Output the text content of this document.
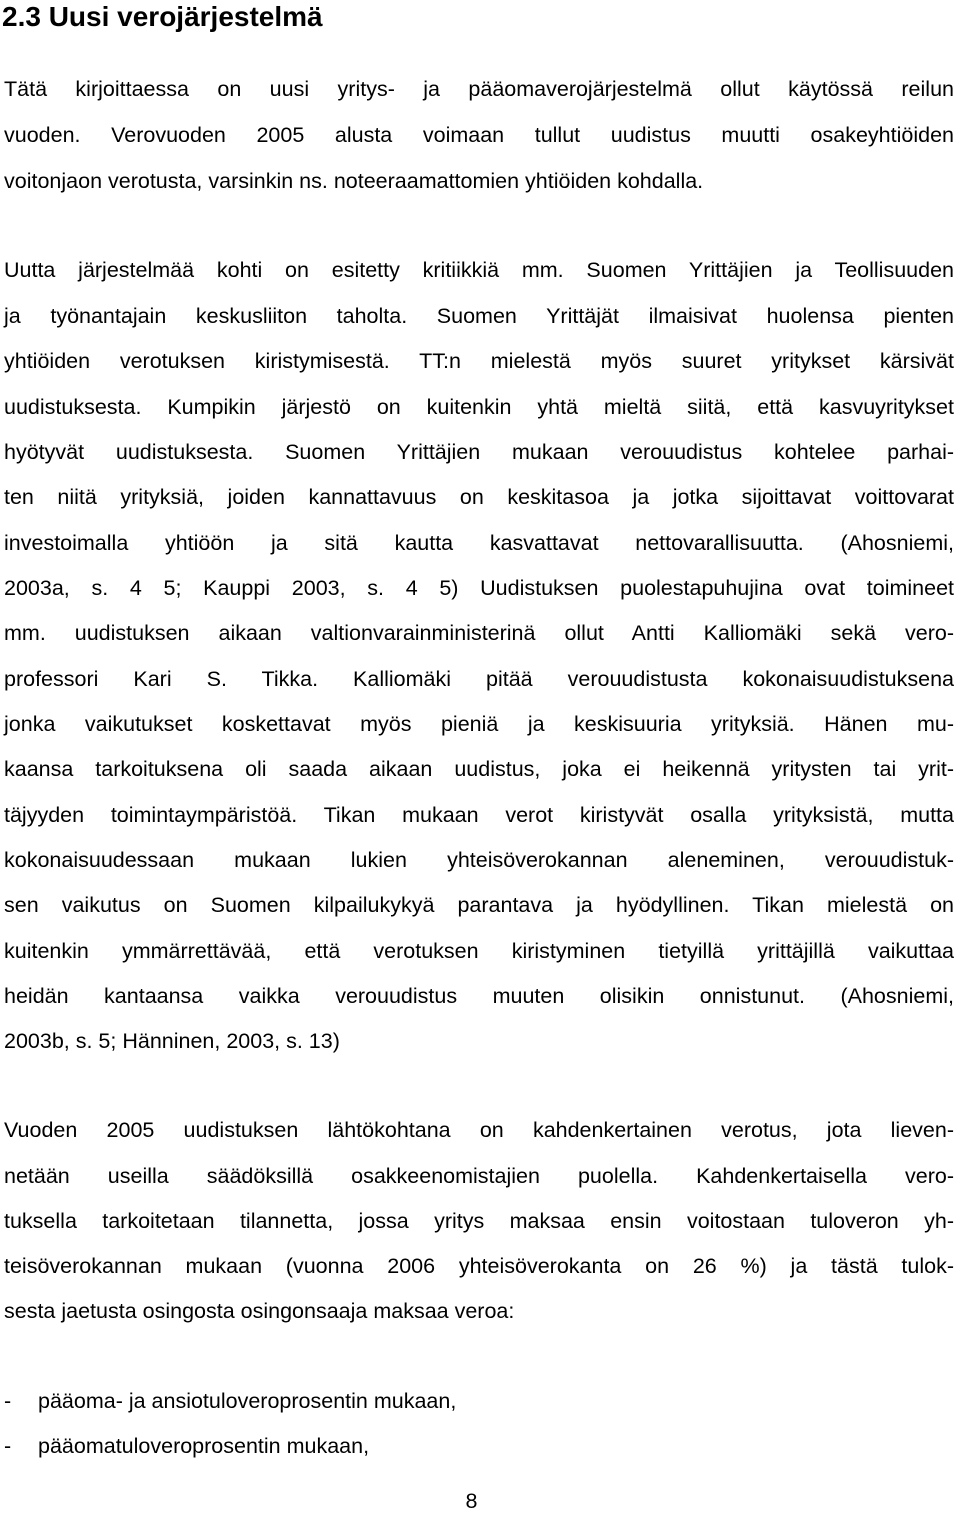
2.3 Uusi verojärjestelmä
Tätä kirjoittaessa on uusi yritys- ja pääomaverojärjestelmä ollut käytössä reilun
vuoden. Verovuoden 2005 alusta voimaan tullut uudistus muutti osakeyhtiöiden
voitonjaon verotusta, varsinkin ns. noteeraamattomien yhtiöiden kohdalla.
Uutta järjestelmää kohti on esitetty kritiikkiä mm. Suomen Yrittäjien ja Teollisuuden
ja työnantajain keskusliiton taholta. Suomen Yrittäjät ilmaisivat huolensa pienten
yhtiöiden verotuksen kiristymisestä. TT:n mielestä myös suuret yritykset kärsivät
uudistuksesta. Kumpikin järjestö on kuitenkin yhtä mieltä siitä, että kasvuyritykset
hyötyvät uudistuksesta. Suomen Yrittäjien mukaan verouudistus kohtelee parhai-
ten niitä yrityksiä, joiden kannattavuus on keskitasoa ja jotka sijoittavat voittovarat
investoimalla yhtiöön ja sitä kautta kasvattavat nettovarallisuutta. (Ahosniemi,
2003a, s. 4 5; Kauppi 2003, s. 4 5) Uudistuksen puolestapuhujina ovat toimineet
mm. uudistuksen aikaan valtionvarainministerinä ollut Antti Kalliomäki sekä vero-
professori Kari S. Tikka. Kalliomäki pitää verouudistusta kokonaisuudistuksena
jonka vaikutukset koskettavat myös pieniä ja keskisuuria yrityksiä. Hänen mu-
kaansa tarkoituksena oli saada aikaan uudistus, joka ei heikennä yritysten tai yrit-
täjyyden toimintaympäristöä. Tikan mukaan verot kiristyvät osalla yrityksistä, mutta
kokonaisuudessaan mukaan lukien yhteisöverokannan aleneminen, verouudistuk-
sen vaikutus on Suomen kilpailukykyä parantava ja hyödyllinen. Tikan mielestä on
kuitenkin ymmärrettävää, että verotuksen kiristyminen tietyillä yrittäjillä vaikuttaa
heidän kantaansa vaikka verouudistus muuten olisikin onnistunut. (Ahosniemi,
2003b, s. 5; Hänninen, 2003, s. 13)
Vuoden 2005 uudistuksen lähtökohtana on kahdenkertainen verotus, jota lieven-
netään useilla säädöksillä osakkeenomistajien puolella. Kahdenkertaisella vero-
tuksella tarkoitetaan tilannetta, jossa yritys maksaa ensin voitostaan tuloveron yh-
teisöverokannan mukaan (vuonna 2006 yhteisöverokanta on 26 %) ja tästä tulok-
sesta jaetusta osingosta osingonsaaja maksaa veroa:
- pääoma- ja ansiotuloveroprosentin mukaan,
- pääomatuloveroprosentin mukaan,
8
